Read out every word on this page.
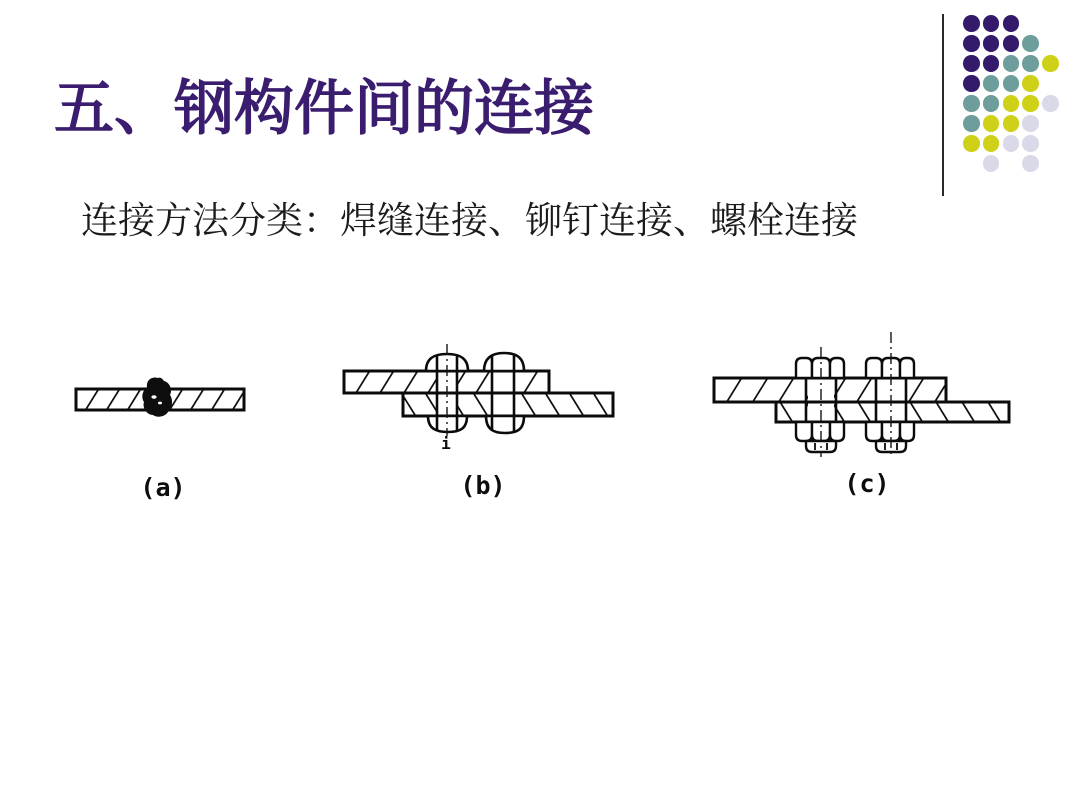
五、钢构件间的连接

连接方法分类：焊缝连接、铆钉连接、螺栓连接

(a)
i
(b)	(c)
